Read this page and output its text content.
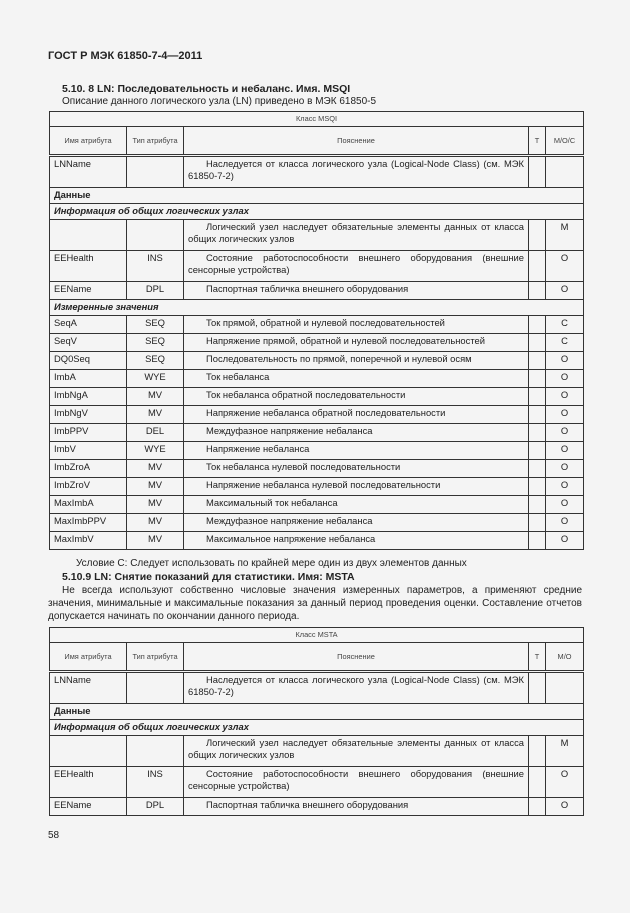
ГОСТ Р МЭК 61850-7-4—2011
5.10. 8 LN: Последовательность и небаланс. Имя. MSQI
Описание данного логического узла (LN) приведено в МЭК 61850-5
Класс MSQI				
Имя атрибута	Тип атрибута	Пояснение	T	M/O/C
LNName		Наследуется от класса логического узла (Logical-Node Class) (см. МЭК 61850-7-2)		
Данные				
Информация об общих логических узлах				
		Логический узел наследует обязательные элементы данных от класса общих логических узлов		M
EEHealth	INS	Состояние работоспособности внешнего оборудования (внешние сенсорные устройства)		O
EEName	DPL	Паспортная табличка внешнего оборудования		O
Измеренные значения				
SeqA	SEQ	Ток прямой, обратной и нулевой последовательностей		C
SeqV	SEQ	Напряжение прямой, обратной и нулевой последовательностей		C
DQ0Seq	SEQ	Последовательность по прямой, поперечной и нулевой осям		O
ImbA	WYE	Ток небаланса		O
ImbNgA	MV	Ток небаланса обратной последовательности		O
ImbNgV	MV	Напряжение небаланса обратной последовательности		O
ImbPPV	DEL	Междуфазное напряжение небаланса		O
ImbV	WYE	Напряжение небаланса		O
ImbZroA	MV	Ток небаланса нулевой последовательности		O
ImbZroV	MV	Напряжение небаланса нулевой последовательности		O
MaxImbA	MV	Максимальный ток небаланса		O
MaxImbPPV	MV	Междуфазное напряжение небаланса		O
MaxImbV	MV	Максимальное напряжение небаланса		O
Условие C: Следует использовать по крайней мере один из двух элементов данных
5.10.9 LN: Снятие показаний для статистики. Имя: MSTA
Не всегда используют собственно числовые значения измеренных параметров, а применяют средние значения, минимальные и максимальные показания за данный период проведения оценки. Составление отчетов допускается начинать по окончании данного периода.
Класс MSTA				
Имя атрибута	Тип атрибута	Пояснение	T	M/O
LNName		Наследуется от класса логического узла (Logical-Node Class) (см. МЭК 61850-7-2)		
Данные				
Информация об общих логических узлах				
		Логический узел наследует обязательные элементы данных от класса общих логических узлов		M
EEHealth	INS	Состояние работоспособности внешнего оборудования (внешние сенсорные устройства)		O
EEName	DPL	Паспортная табличка внешнего оборудования		O
58
